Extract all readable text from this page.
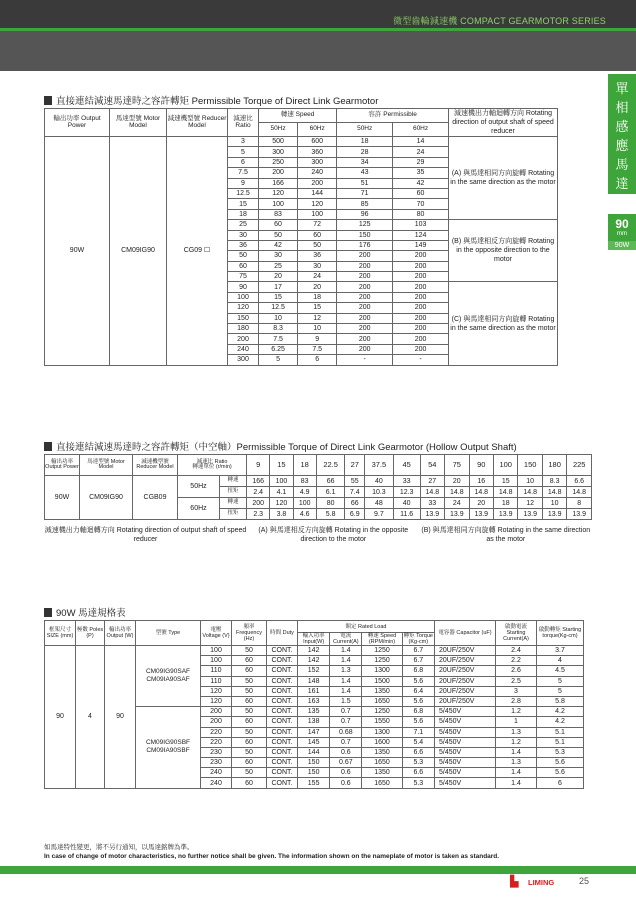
微型齒輪減速機 COMPACT GEARMOTOR SERIES
單
相
感
應
馬
達
90
mm
90W
直接連結減速馬達時之容許轉矩 Permissible Torque of Direct Link Gearmotor
輸出功率 Output Power	馬達型號 Motor Model	減速機型號 Reducer Model	減速比 Ratio	轉速 Speed		容許 Permissible		減速機出力軸迴轉方向 Rotating direction of output shaft of speed reducer
				50Hz	60Hz	50Hz	60Hz	
90W	CM09IG90	CG09 ☐	3	500	600	18	14	(A) 與馬達相同方向旋轉 Rotating in the same direction as the motor
			5	300	360	28	24	
			6	250	300	34	29	
			7.5	200	240	43	35	
			9	166	200	51	42	
			12.5	120	144	71	60	
			15	100	120	85	70	
			18	83	100	96	80	
			25	60	72	125	103	(B) 與馬達相反方向旋轉 Rotating in the opposite direction to the motor
			30	50	60	150	124	
			36	42	50	176	149	
			50	30	36	200	200	
			60	25	30	200	200	
			75	20	24	200	200	
			90	17	20	200	200	(C) 與馬達相同方向旋轉 Rotating in the same direction as the motor
			100	15	18	200	200	
			120	12.5	15	200	200	
			150	10	12	200	200	
			180	8.3	10	200	200	
			200	7.5	9	200	200	
			240	6.25	7.5	200	200	
			300	5	6	-	-	
直接連結減速馬達時之容許轉矩（中空軸）Permissible Torque of Direct Link Gearmotor (Hollow Output Shaft)
輸出功率 Output Power	馬達型號 Motor Model	減速機型號 Reducer Model	減速比 Ratio
轉速單位 (r/min)		9	15	18	22.5	27	37.5	45	54	75	90	100	150	180	225
90W	CM09IG90	CGB09	50Hz	轉速	166	100	83	66	55	40	33	27	20	16	15	10	8.3	6.6
				扭矩	2.4	4.1	4.9	6.1	7.4	10.3	12.3	14.8	14.8	14.8	14.8	14.8	14.8	14.8
			60Hz	轉速	200	120	100	80	66	48	40	33	24	20	18	12	10	8
				扭矩	2.3	3.8	4.6	5.8	6.9	9.7	11.6	13.9	13.9	13.9	13.9	13.9	13.9	13.9
減速機出力軸迴轉方向 Rotating direction of output shaft of speed reducer					(A) 與馬達相反方向旋轉 Rotating in the opposite direction to the motor							(B) 與馬達相同方向旋轉 Rotating in the same direction as the motor						
90W 馬達規格表
框架尺寸 SIZE (mm)	極數 Poles (P)	輸出功率 Output (W)	型號 Type	電壓 Voltage (V)	頻率 Frequency (Hz)	時間 Duty	額定 Rated Load				電容器 Capacitor (uF)	啟動電流 Starting Current(A)	啟動轉矩 Starting torque(Kg-cm)
							輸入功率 Input(W)	電流 Current(A)	轉速 Speed (RPM/min)	轉矩 Torque (Kg-cm)			
90	4	90	CM09IG90SAF CM09IA90SAF	100	50	CONT.	142	1.4	1250	6.7	20UF/250V	2.4	3.7
				100	60	CONT.	142	1.4	1250	6.7	20UF/250V	2.2	4
				110	60	CONT.	152	1.3	1300	6.8	20UF/250V	2.6	4.5
				110	50	CONT.	148	1.4	1500	5.6	20UF/250V	2.5	5
				120	50	CONT.	161	1.4	1350	6.4	20UF/250V	3	5
				120	60	CONT.	163	1.5	1650	5.6	20UF/250V	2.8	5.8
			CM09IG90SBF CM09IA90SBF	200	50	CONT.	135	0.7	1250	6.8	5/450V	1.2	4.2
				200	60	CONT.	138	0.7	1550	5.6	5/450V	1	4.2
				220	50	CONT.	147	0.68	1300	7.1	5/450V	1.3	5.1
				220	60	CONT.	145	0.7	1600	5.4	5/450V	1.2	5.1
				230	50	CONT.	144	0.6	1350	6.6	5/450V	1.4	5.3
				230	60	CONT.	150	0.67	1650	5.3	5/450V	1.3	5.6
				240	50	CONT.	150	0.6	1350	6.6	5/450V	1.4	5.6
				240	60	CONT.	155	0.6	1650	5.3	5/450V	1.4	6
如馬達特性變更，將不另行通知，以馬達銘牌為準。
In case of change of motor characteristics, no further notice shall be given. The information shown on the nameplate of motor is taken as standard.
▙ LIMING	25
